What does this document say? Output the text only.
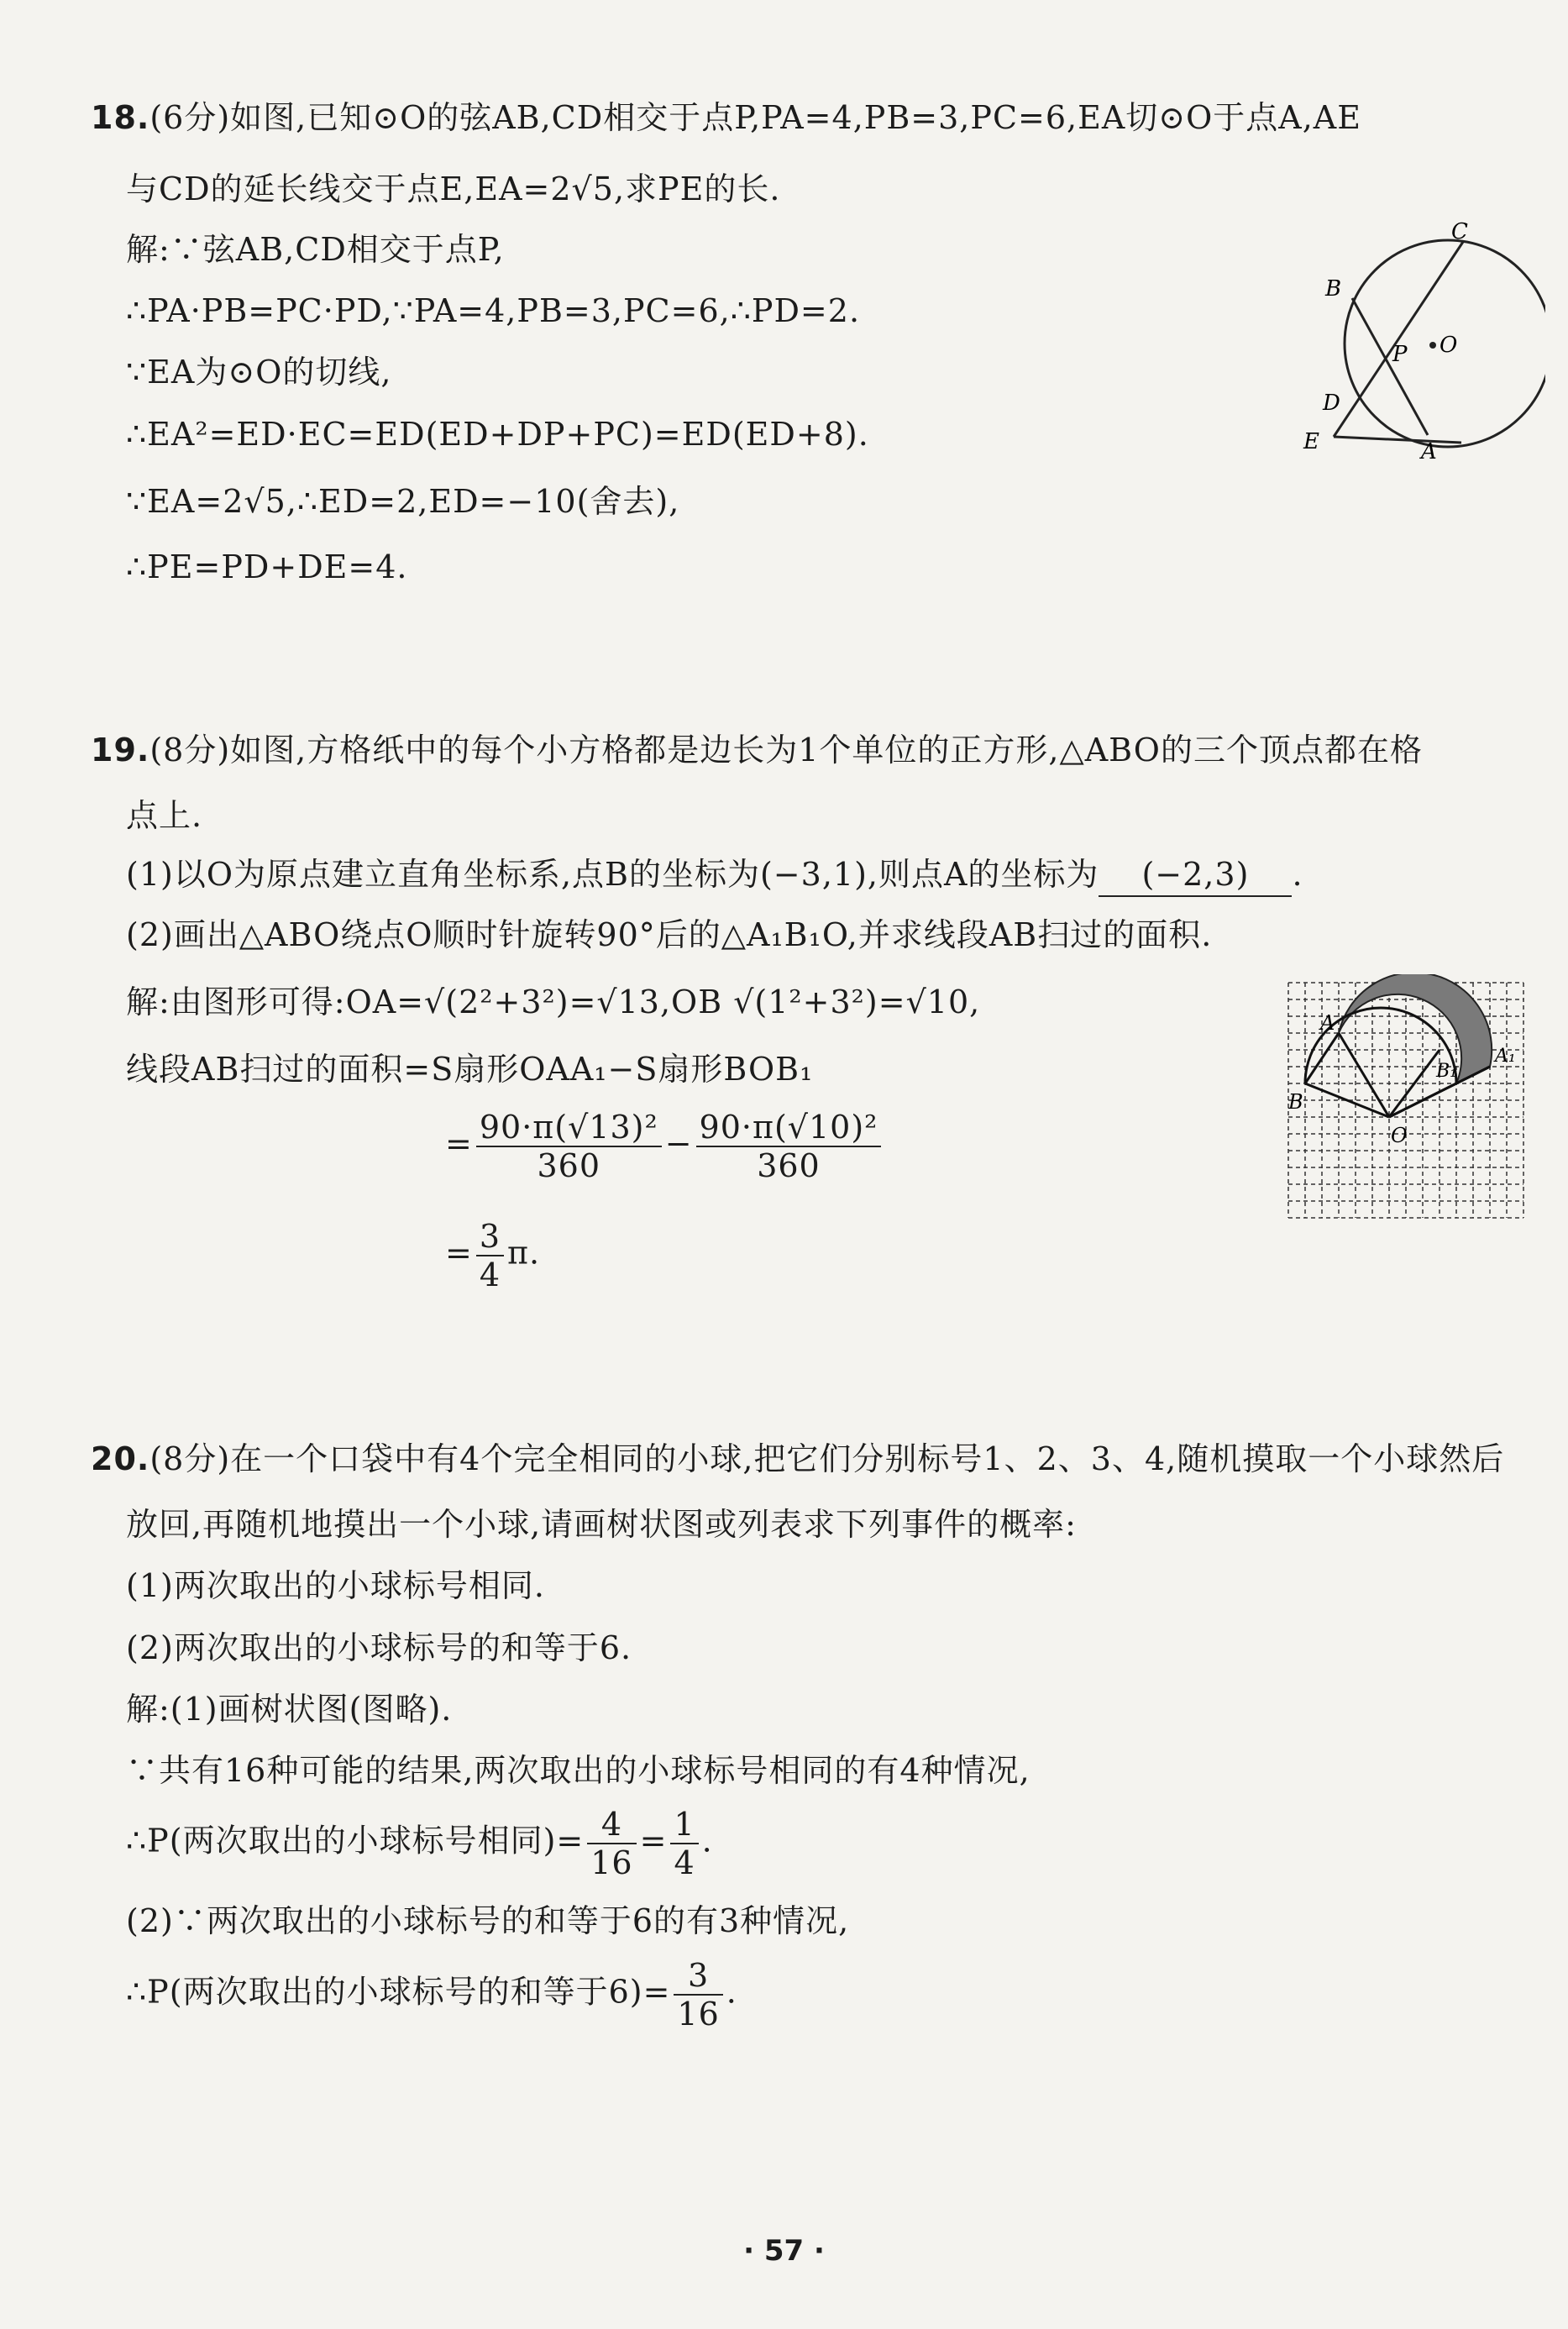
18.(6分)如图,已知⊙O的弦AB,CD相交于点P,PA=4,PB=3,PC=6,EA切⊙O于点A,AE
与CD的延长线交于点E,EA=2√5,求PE的长.
解:∵弦AB,CD相交于点P,
∴PA·PB=PC·PD,∵PA=4,PB=3,PC=6,∴PD=2.
∵EA为⊙O的切线,
∴EA²=ED·EC=ED(ED+DP+PC)=ED(ED+8).
∵EA=2√5,∴ED=2,ED=−10(舍去),
∴PE=PD+DE=4.
C
B
P O
D
E	A
19.(8分)如图,方格纸中的每个小方格都是边长为1个单位的正方形,△ABO的三个顶点都在格
点上.
(1)以O为原点建立直角坐标系,点B的坐标为(−3,1),则点A的坐标为 (−2,3) .
(2)画出△ABO绕点O顺时针旋转90°后的△A₁B₁O,并求线段AB扫过的面积.
解:由图形可得:OA=√(2²+3²)=√13,OB √(1²+3²)=√10,
线段AB扫过的面积=S扇形OAA₁−S扇形BOB₁
= $\frac{\text{90·π(√13)²}}{360} - \frac{\text{90·π(√10)²}}{360}$
= $\frac{3}{4} \pi$.
A
B
O
B₁
A₁
20.(8分)在一个口袋中有4个完全相同的小球,把它们分别标号1、2、3、4,随机摸取一个小球然后
放回,再随机地摸出一个小球,请画树状图或列表求下列事件的概率:
(1)两次取出的小球标号相同.
(2)两次取出的小球标号的和等于6.
解:(1)画树状图(图略).
∵共有16种可能的结果,两次取出的小球标号相同的有4种情况,
∴P(两次取出的小球标号相同)= $\frac{4}{16} = \frac{1}{4}$ .
(2)∵两次取出的小球标号的和等于6的有3种情况,
∴P(两次取出的小球标号的和等于$6)= \frac{3}{16}$ .
· 57 ·
